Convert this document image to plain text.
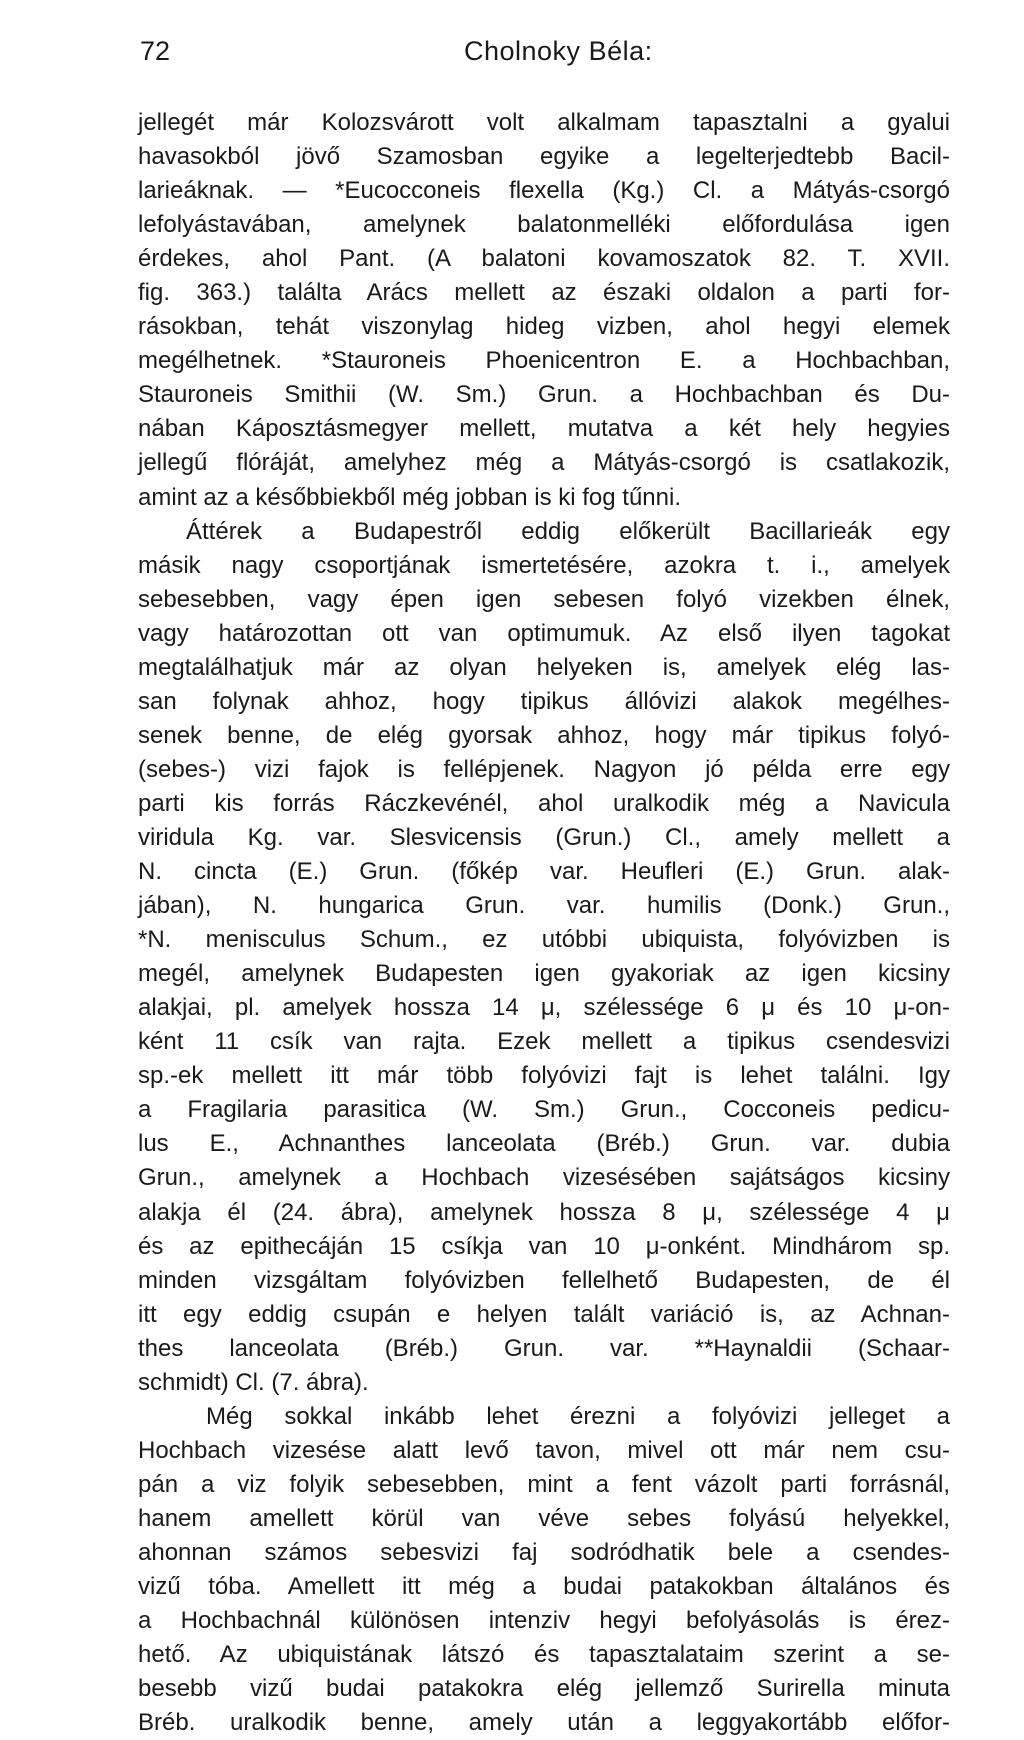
72	Cholnoky Béla:
jellegét már Kolozsvárott volt alkalmam tapasztalni a gyalui
havasokból jövő Szamosban egyike a legelterjedtebb Bacil-
larieáknak. — *Eucocconeis flexella (Kg.) Cl. a Mátyás-csorgó
lefolyástavában, amelynek balatonmelléki előfordulása igen
érdekes, ahol Pant. (A balatoni kovamoszatok 82. T. XVII.
fig. 363.) találta Arács mellett az északi oldalon a parti for-
rásokban, tehát viszonylag hideg vizben, ahol hegyi elemek
megélhetnek. *Stauroneis Phoenicentron E. a Hochbachban,
Stauroneis Smithii (W. Sm.) Grun. a Hochbachban és Du-
nában Káposztásmegyer mellett, mutatva a két hely hegyies
jellegű flóráját, amelyhez még a Mátyás-csorgó is csatlakozik,
amint az a későbbiekből még jobban is ki fog tűnni.
Áttérek a Budapestről eddig előkerült Bacillarieák egy
másik nagy csoportjának ismertetésére, azokra t. i., amelyek
sebesebben, vagy épen igen sebesen folyó vizekben élnek,
vagy határozottan ott van optimumuk. Az első ilyen tagokat
megtalálhatjuk már az olyan helyeken is, amelyek elég las-
san folynak ahhoz, hogy tipikus állóvizi alakok megélhes-
senek benne, de elég gyorsak ahhoz, hogy már tipikus folyó-
(sebes-) vizi fajok is fellépjenek. Nagyon jó példa erre egy
parti kis forrás Ráczkevénél, ahol uralkodik még a Navicula
viridula Kg. var. Slesvicensis (Grun.) Cl., amely mellett a
N. cincta (E.) Grun. (főkép var. Heufleri (E.) Grun. alak-
jában), N. hungarica Grun. var. humilis (Donk.) Grun.,
*N. menisculus Schum., ez utóbbi ubiquista, folyóvizben is
megél, amelynek Budapesten igen gyakoriak az igen kicsiny
alakjai, pl. amelyek hossza 14 μ, szélessége 6 μ és 10 μ-on-
ként 11 csík van rajta. Ezek mellett a tipikus csendesvizi
sp.-ek mellett itt már több folyóvizi fajt is lehet találni. Igy
a Fragilaria parasitica (W. Sm.) Grun., Cocconeis pedicu-
lus E., Achnanthes lanceolata (Bréb.) Grun. var. dubia
Grun., amelynek a Hochbach vizesésében sajátságos kicsiny
alakja él (24. ábra), amelynek hossza 8 μ, szélessége 4 μ
és az epithecáján 15 csíkja van 10 μ-onként. Mindhárom sp.
minden vizsgáltam folyóvizben fellelhető Budapesten, de él
itt egy eddig csupán e helyen talált variáció is, az Achnan-
thes lanceolata (Bréb.) Grun. var. **Haynaldii (Schaar-
schmidt) Cl. (7. ábra).
Még sokkal inkább lehet érezni a folyóvizi jelleget a
Hochbach vizesése alatt levő tavon, mivel ott már nem csu-
pán a viz folyik sebesebben, mint a fent vázolt parti forrásnál,
hanem amellett körül van véve sebes folyású helyekkel,
ahonnan számos sebesvizi faj sodródhatik bele a csendes-
vizű tóba. Amellett itt még a budai patakokban általános és
a Hochbachnál különösen intenziv hegyi befolyásolás is érez-
hető. Az ubiquistának látszó és tapasztalataim szerint a se-
besebb vizű budai patakokra elég jellemző Surirella minuta
Bréb. uralkodik benne, amely után a leggyakortább előfor-
